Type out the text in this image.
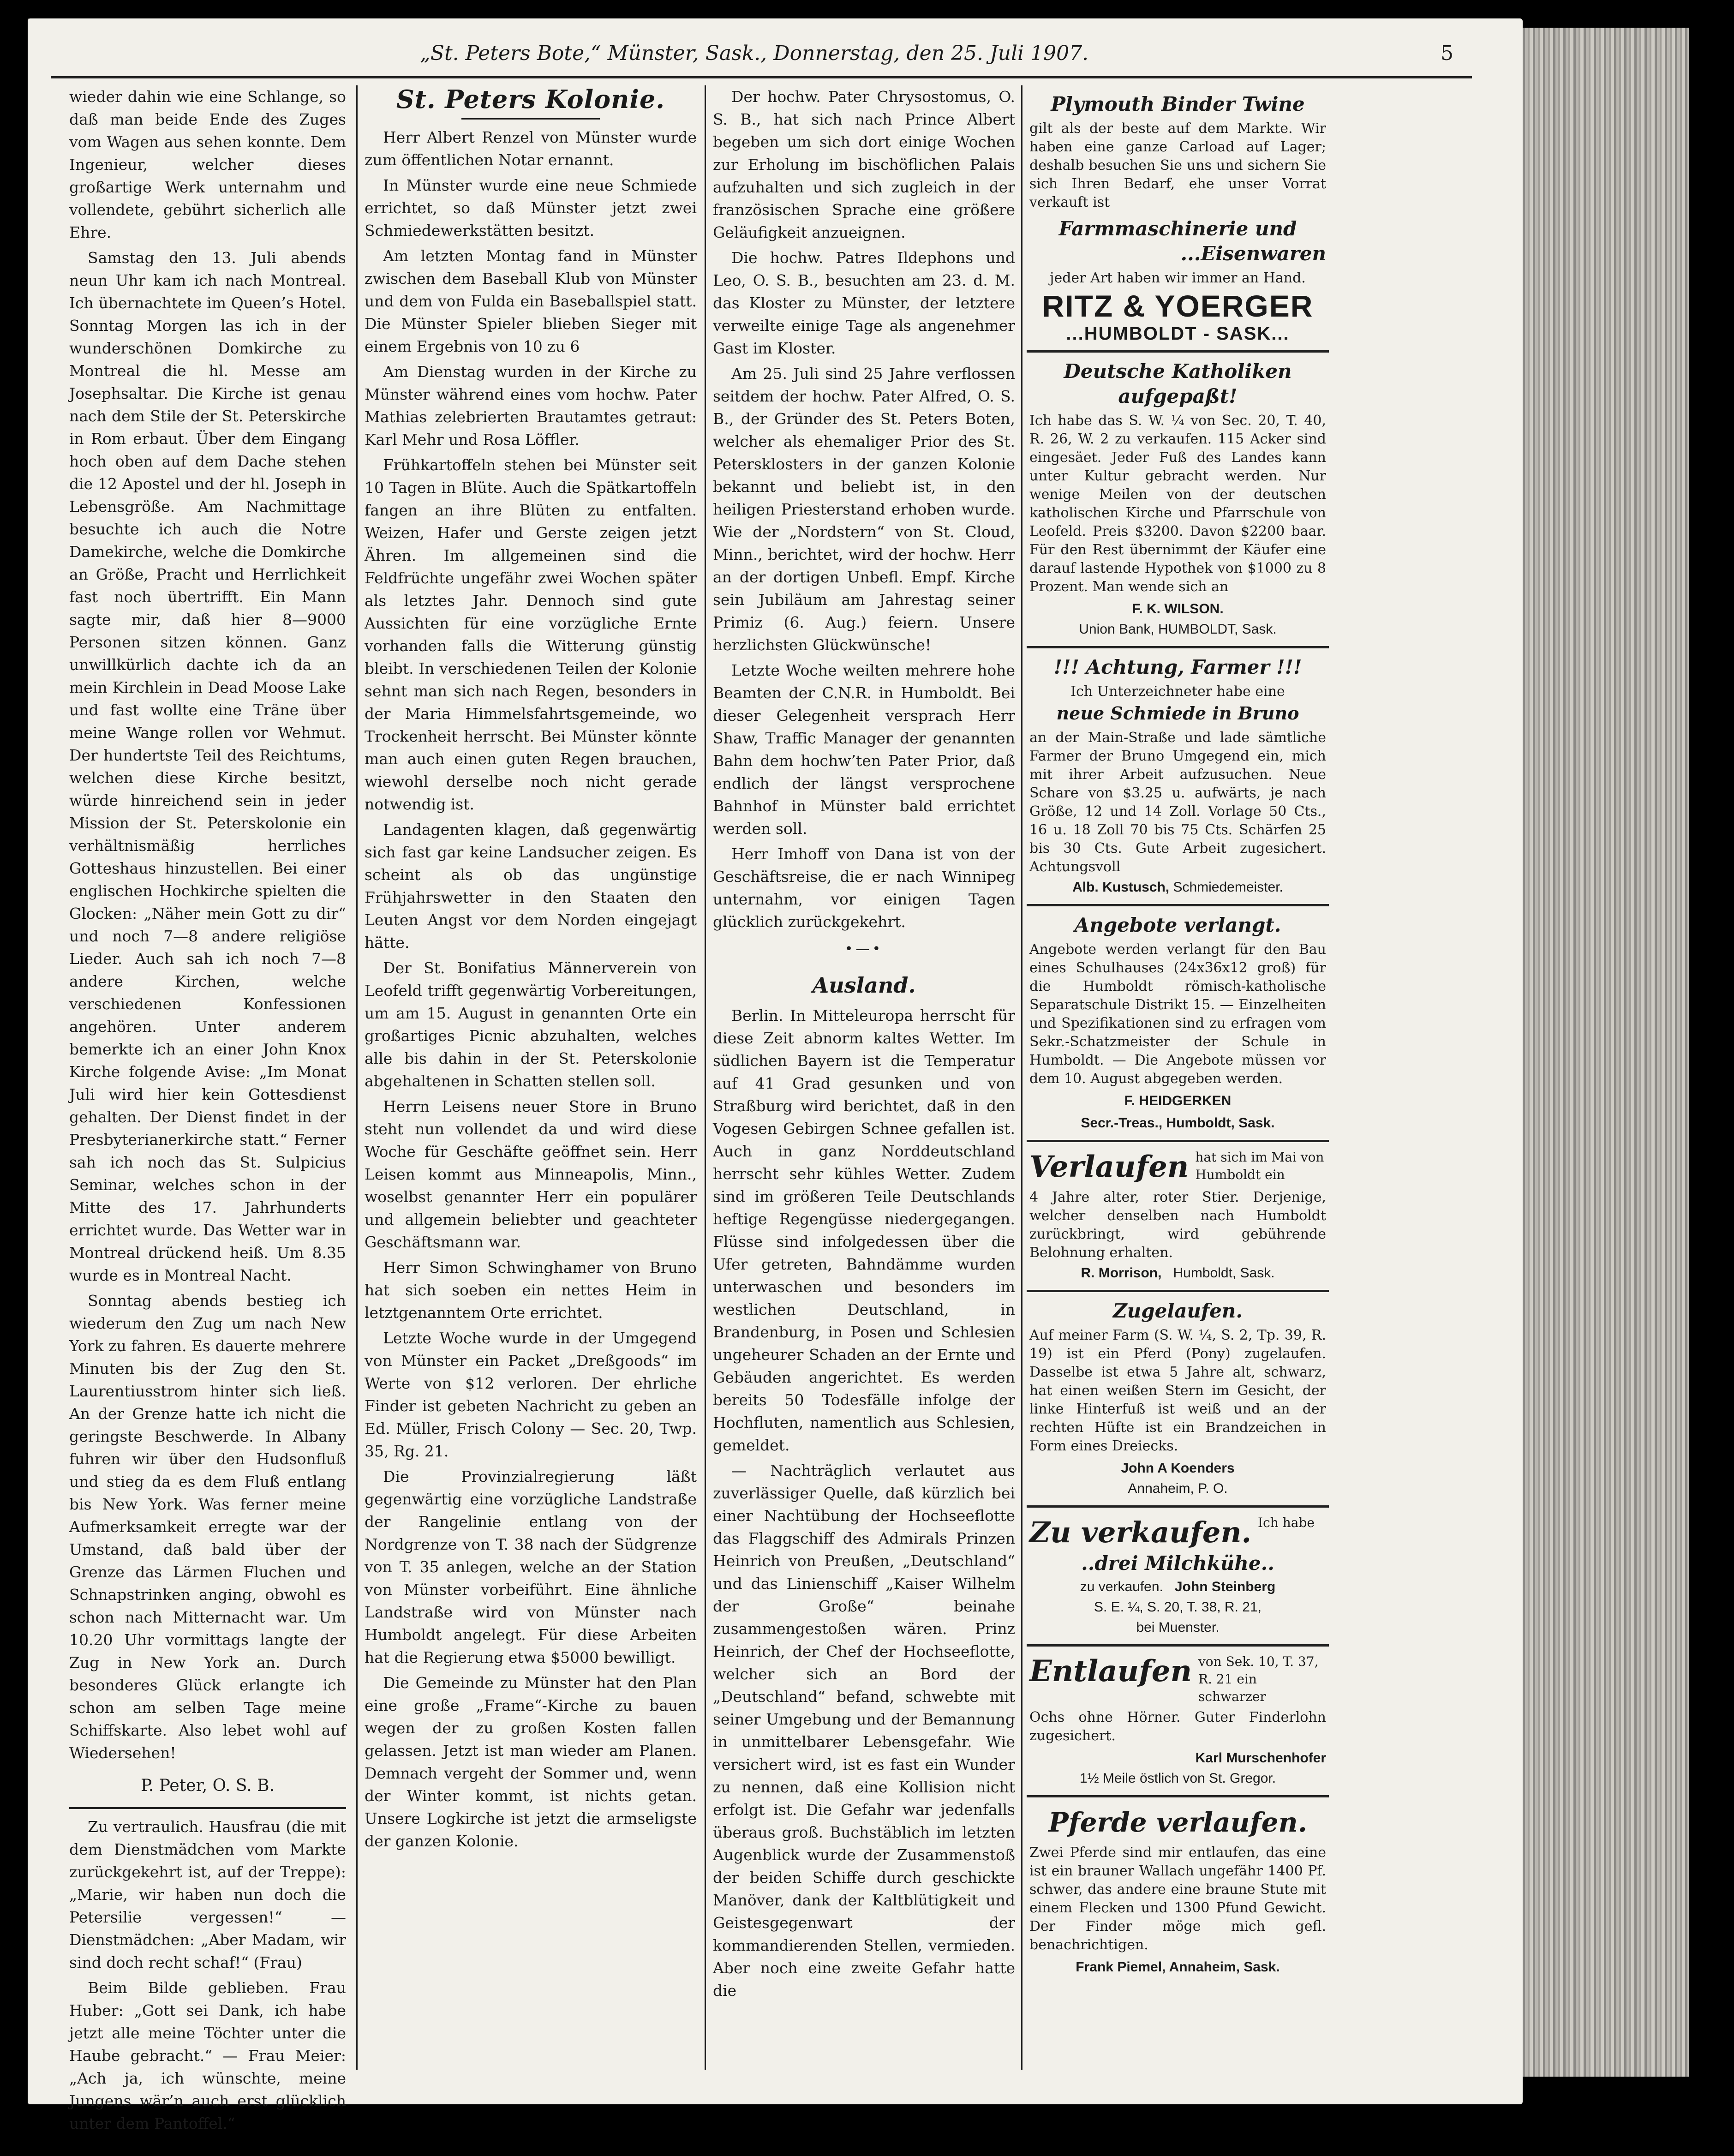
„St. Peters Bote,“ Münster, Sask., Donnerstag, den 25. Juli 1907.	5

wieder dahin wie eine Schlange, so daß man beide Ende des Zuges vom Wagen aus sehen konnte. Dem Ingenieur, welcher dieses großartige Werk unternahm und vollendete, gebührt sicherlich alle Ehre.

Samstag den 13. Juli abends neun Uhr kam ich nach Montreal. Ich übernachtete im Queen’s Hotel. Sonntag Morgen las ich in der wunderschönen Domkirche zu Montreal die hl. Messe am Josephsaltar. Die Kirche ist genau nach dem Stile der St. Peterskirche in Rom erbaut. Über dem Eingang hoch oben auf dem Dache stehen die 12 Apostel und der hl. Joseph in Lebensgröße. Am Nachmittage besuchte ich auch die Notre Damekirche, welche die Domkirche an Größe, Pracht und Herrlichkeit fast noch übertrifft. Ein Mann sagte mir, daß hier 8—9000 Personen sitzen können. Ganz unwillkürlich dachte ich da an mein Kirchlein in Dead Moose Lake und fast wollte eine Träne über meine Wange rollen vor Wehmut. Der hundertste Teil des Reichtums, welchen diese Kirche besitzt, würde hinreichend sein in jeder Mission der St. Peterskolonie ein verhältnismäßig herrliches Gotteshaus hinzustellen. Bei einer englischen Hochkirche spielten die Glocken: „Näher mein Gott zu dir“ und noch 7—8 andere religiöse Lieder. Auch sah ich noch 7—8 andere Kirchen, welche verschiedenen Konfessionen angehören. Unter anderem bemerkte ich an einer John Knox Kirche folgende Avise: „Im Monat Juli wird hier kein Gottesdienst gehalten. Der Dienst findet in der Presbyterianerkirche statt.“ Ferner sah ich noch das St. Sulpicius Seminar, welches schon in der Mitte des 17. Jahrhunderts errichtet wurde. Das Wetter war in Montreal drückend heiß. Um 8.35 wurde es in Montreal Nacht.

Sonntag abends bestieg ich wiederum den Zug um nach New York zu fahren. Es dauerte mehrere Minuten bis der Zug den St. Laurentiusstrom hinter sich ließ. An der Grenze hatte ich nicht die geringste Beschwerde. In Albany fuhren wir über den Hudsonfluß und stieg da es dem Fluß entlang bis New York. Was ferner meine Aufmerksamkeit erregte war der Umstand, daß bald über der Grenze das Lärmen Fluchen und Schnapstrinken anging, obwohl es schon nach Mitternacht war. Um 10.20 Uhr vormittags langte der Zug in New York an. Durch besonderes Glück erlangte ich schon am selben Tage meine Schiffskarte. Also lebet wohl auf Wiedersehen!

P. Peter, O. S. B.

Zu vertraulich. Hausfrau (die mit dem Dienstmädchen vom Markte zurückgekehrt ist, auf der Treppe): „Marie, wir haben nun doch die Petersilie vergessen!“ — Dienstmädchen: „Aber Madam, wir sind doch recht schaf!“ (Frau)

Beim Bilde geblieben. Frau Huber: „Gott sei Dank, ich habe jetzt alle meine Töchter unter die Haube gebracht.“ — Frau Meier: „Ach ja, ich wünschte, meine Jungens wär’n auch erst glücklich unter dem Pantoffel.“

St. Peters Kolonie.

Herr Albert Renzel von Münster wurde zum öffentlichen Notar ernannt.

In Münster wurde eine neue Schmiede errichtet, so daß Münster jetzt zwei Schmiedewerkstätten besitzt.

Am letzten Montag fand in Münster zwischen dem Baseball Klub von Münster und dem von Fulda ein Baseballspiel statt. Die Münster Spieler blieben Sieger mit einem Ergebnis von 10 zu 6

Am Dienstag wurden in der Kirche zu Münster während eines vom hochw. Pater Mathias zelebrierten Brautamtes getraut: Karl Mehr und Rosa Löffler.

Frühkartoffeln stehen bei Münster seit 10 Tagen in Blüte. Auch die Spätkartoffeln fangen an ihre Blüten zu entfalten. Weizen, Hafer und Gerste zeigen jetzt Ähren. Im allgemeinen sind die Feldfrüchte ungefähr zwei Wochen später als letztes Jahr. Dennoch sind gute Aussichten für eine vorzügliche Ernte vorhanden falls die Witterung günstig bleibt. In verschiedenen Teilen der Kolonie sehnt man sich nach Regen, besonders in der Maria Himmelsfahrtsgemeinde, wo Trockenheit herrscht. Bei Münster könnte man auch einen guten Regen brauchen, wiewohl derselbe noch nicht gerade notwendig ist.

Landagenten klagen, daß gegenwärtig sich fast gar keine Landsucher zeigen. Es scheint als ob das ungünstige Frühjahrswetter in den Staaten den Leuten Angst vor dem Norden eingejagt hätte.

Der St. Bonifatius Männerverein von Leofeld trifft gegenwärtig Vorbereitungen, um am 15. August in genannten Orte ein großartiges Picnic abzuhalten, welches alle bis dahin in der St. Peterskolonie abgehaltenen in Schatten stellen soll.

Herrn Leisens neuer Store in Bruno steht nun vollendet da und wird diese Woche für Geschäfte geöffnet sein. Herr Leisen kommt aus Minneapolis, Minn., woselbst genannter Herr ein populärer und allgemein beliebter und geachteter Geschäftsmann war.

Herr Simon Schwinghamer von Bruno hat sich soeben ein nettes Heim in letztgenanntem Orte errichtet.

Letzte Woche wurde in der Umgegend von Münster ein Packet „Dreßgoods“ im Werte von $12 verloren. Der ehrliche Finder ist gebeten Nachricht zu geben an Ed. Müller, Frisch Colony — Sec. 20, Twp. 35, Rg. 21.

Die Provinzialregierung läßt gegenwärtig eine vorzügliche Landstraße der Rangelinie entlang von der Nordgrenze von T. 38 nach der Südgrenze von T. 35 anlegen, welche an der Station von Münster vorbeiführt. Eine ähnliche Landstraße wird von Münster nach Humboldt angelegt. Für diese Arbeiten hat die Regierung etwa $5000 bewilligt.

Die Gemeinde zu Münster hat den Plan eine große „Frame“-Kirche zu bauen wegen der zu großen Kosten fallen gelassen. Jetzt ist man wieder am Planen. Demnach vergeht der Sommer und, wenn der Winter kommt, ist nichts getan. Unsere Logkirche ist jetzt die armseligste der ganzen Kolonie.

Der hochw. Pater Chrysostomus, O. S. B., hat sich nach Prince Albert begeben um sich dort einige Wochen zur Erholung im bischöflichen Palais aufzuhalten und sich zugleich in der französischen Sprache eine größere Geläufigkeit anzueignen.

Die hochw. Patres Ildephons und Leo, O. S. B., besuchten am 23. d. M. das Kloster zu Münster, der letztere verweilte einige Tage als angenehmer Gast im Kloster.

Am 25. Juli sind 25 Jahre verflossen seitdem der hochw. Pater Alfred, O. S. B., der Gründer des St. Peters Boten, welcher als ehemaliger Prior des St. Petersklosters in der ganzen Kolonie bekannt und beliebt ist, in den heiligen Priesterstand erhoben wurde. Wie der „Nordstern“ von St. Cloud, Minn., berichtet, wird der hochw. Herr an der dortigen Unbefl. Empf. Kirche sein Jubiläum am Jahrestag seiner Primiz (6. Aug.) feiern. Unsere herzlichsten Glückwünsche!

Letzte Woche weilten mehrere hohe Beamten der C.N.R. in Humboldt. Bei dieser Gelegenheit versprach Herr Shaw, Traffic Manager der genannten Bahn dem hochw’ten Pater Prior, daß endlich der längst versprochene Bahnhof in Münster bald errichtet werden soll.

Herr Imhoff von Dana ist von der Geschäftsreise, die er nach Winnipeg unternahm, vor einigen Tagen glücklich zurückgekehrt.

•—•
Ausland.

Berlin. In Mitteleuropa herrscht für diese Zeit abnorm kaltes Wetter. Im südlichen Bayern ist die Temperatur auf 41 Grad gesunken und von Straßburg wird berichtet, daß in den Vogesen Gebirgen Schnee gefallen ist. Auch in ganz Norddeutschland herrscht sehr kühles Wetter. Zudem sind im größeren Teile Deutschlands heftige Regengüsse niedergegangen. Flüsse sind infolgedessen über die Ufer getreten, Bahndämme wurden unterwaschen und besonders im westlichen Deutschland, in Brandenburg, in Posen und Schlesien ungeheurer Schaden an der Ernte und Gebäuden angerichtet. Es werden bereits 50 Todesfälle infolge der Hochfluten, namentlich aus Schlesien, gemeldet.

— Nachträglich verlautet aus zuverlässiger Quelle, daß kürzlich bei einer Nachtübung der Hochseeflotte das Flaggschiff des Admirals Prinzen Heinrich von Preußen, „Deutschland“ und das Linienschiff „Kaiser Wilhelm der Große“ beinahe zusammengestoßen wären. Prinz Heinrich, der Chef der Hochseeflotte, welcher sich an Bord der „Deutschland“ befand, schwebte mit seiner Umgebung und der Bemannung in unmittelbarer Lebensgefahr. Wie versichert wird, ist es fast ein Wunder zu nennen, daß eine Kollision nicht erfolgt ist. Die Gefahr war jedenfalls überaus groß. Buchstäblich im letzten Augenblick wurde der Zusammenstoß der beiden Schiffe durch geschickte Manöver, dank der Kaltblütigkeit und Geistesgegenwart der kommandierenden Stellen, vermieden. Aber noch eine zweite Gefahr hatte die

Plymouth Binder Twine
gilt als der beste auf dem Markte. Wir haben eine ganze Carload auf Lager; deshalb besuchen Sie uns und sichern Sie sich Ihren Bedarf, ehe unser Vorrat verkauft ist
Farmmaschinerie und
...Eisenwaren
jeder Art haben wir immer an Hand.
RITZ & YOERGER
...HUMBOLDT - SASK...
Deutsche Katholiken
aufgepaßt!
Ich habe das S. W. ¼ von Sec. 20, T. 40, R. 26, W. 2 zu verkaufen. 115 Acker sind eingesäet. Jeder Fuß des Landes kann unter Kultur gebracht werden. Nur wenige Meilen von der deutschen katholischen Kirche und Pfarrschule von Leofeld. Preis $3200. Davon $2200 baar. Für den Rest übernimmt der Käufer eine darauf lastende Hypothek von $1000 zu 8 Prozent. Man wende sich an
F. K. WILSON.
Union Bank, HUMBOLDT, Sask.
!!! Achtung, Farmer !!!
Ich Unterzeichneter habe eine
neue Schmiede in Bruno
an der Main-Straße und lade sämtliche Farmer der Bruno Umgegend ein, mich mit ihrer Arbeit aufzusuchen. Neue Schare von $3.25 u. aufwärts, je nach Größe, 12 und 14 Zoll. Vorlage 50 Cts., 16 u. 18 Zoll 70 bis 75 Cts. Schärfen 25 bis 30 Cts. Gute Arbeit zugesichert. Achtungsvoll
Alb. Kustusch, Schmiedemeister.
Angebote verlangt.
Angebote werden verlangt für den Bau eines Schulhauses (24x36x12 groß) für die Humboldt römisch-katholische Separatschule Distrikt 15. — Einzelheiten und Spezifikationen sind zu erfragen vom Sekr.-Schatzmeister der Schule in Humboldt. — Die Angebote müssen vor dem 10. August abgegeben werden.
F. HEIDGERKEN
Secr.-Treas., Humboldt, Sask.
Verlaufen hat sich im Mai von Humboldt ein
4 Jahre alter, roter Stier. Derjenige, welcher denselben nach Humboldt zurückbringt, wird gebührende Belohnung erhalten.
R. Morrison, Humboldt, Sask.
Zugelaufen.
Auf meiner Farm (S. W. ¼, S. 2, Tp. 39, R. 19) ist ein Pferd (Pony) zugelaufen. Dasselbe ist etwa 5 Jahre alt, schwarz, hat einen weißen Stern im Gesicht, der linke Hinterfuß ist weiß und an der rechten Hüfte ist ein Brandzeichen in Form eines Dreiecks.
John A Koenders
Annaheim, P. O.
Zu verkaufen. Ich habe
..drei Milchkühe..
zu verkaufen. John Steinberg
S. E. ¼, S. 20, T. 38, R. 21,
bei Muenster.
Entlaufen von Sek. 10, T. 37, R. 21 ein schwarzer
Ochs ohne Hörner. Guter Finderlohn zugesichert.
Karl Murschenhofer
1½ Meile östlich von St. Gregor.
Pferde verlaufen.
Zwei Pferde sind mir entlaufen, das eine ist ein brauner Wallach ungefähr 1400 Pf. schwer, das andere eine braune Stute mit einem Flecken und 1300 Pfund Gewicht. Der Finder möge mich gefl. benachrichtigen.
Frank Piemel, Annaheim, Sask.
